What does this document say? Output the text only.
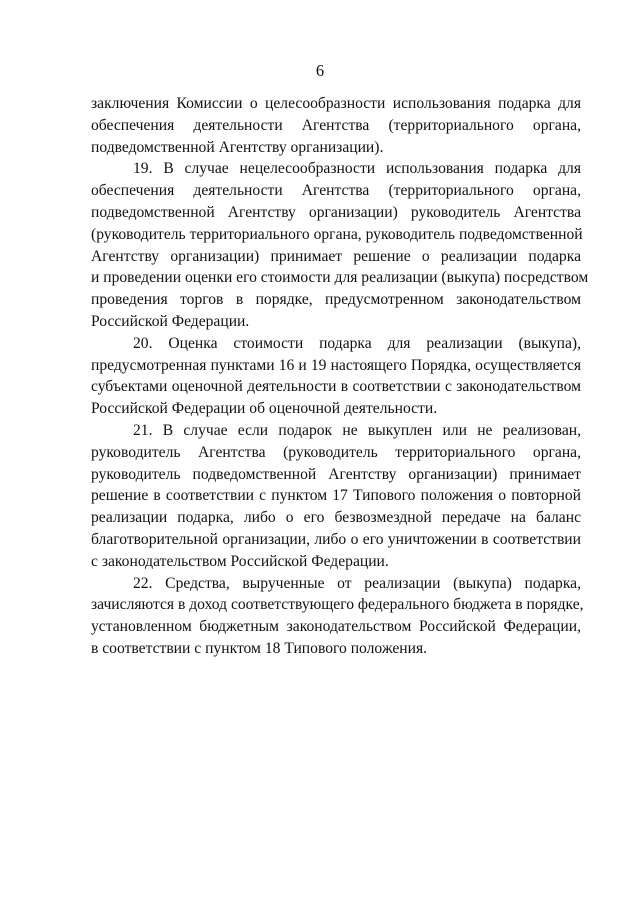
6

заключения Комиссии о целесообразности использования подарка для
обеспечения деятельности Агентства (территориального органа,
подведомственной Агентству организации).

19. В случае нецелесообразности использования подарка для
обеспечения деятельности Агентства (территориального органа,
подведомственной Агентству организации) руководитель Агентства
(руководитель территориального органа, руководитель подведомственной
Агентству организации) принимает решение о реализации подарка
и проведении оценки его стоимости для реализации (выкупа) посредством
проведения торгов в порядке, предусмотренном законодательством
Российской Федерации.

20. Оценка стоимости подарка для реализации (выкупа),
предусмотренная пунктами 16 и 19 настоящего Порядка, осуществляется
субъектами оценочной деятельности в соответствии с законодательством
Российской Федерации об оценочной деятельности.

21. В случае если подарок не выкуплен или не реализован,
руководитель Агентства (руководитель территориального органа,
руководитель подведомственной Агентству организации) принимает
решение в соответствии с пунктом 17 Типового положения о повторной
реализации подарка, либо о его безвозмездной передаче на баланс
благотворительной организации, либо о его уничтожении в соответствии
с законодательством Российской Федерации.

22. Средства, вырученные от реализации (выкупа) подарка,
зачисляются в доход соответствующего федерального бюджета в порядке,
установленном бюджетным законодательством Российской Федерации,
в соответствии с пунктом 18 Типового положения.
